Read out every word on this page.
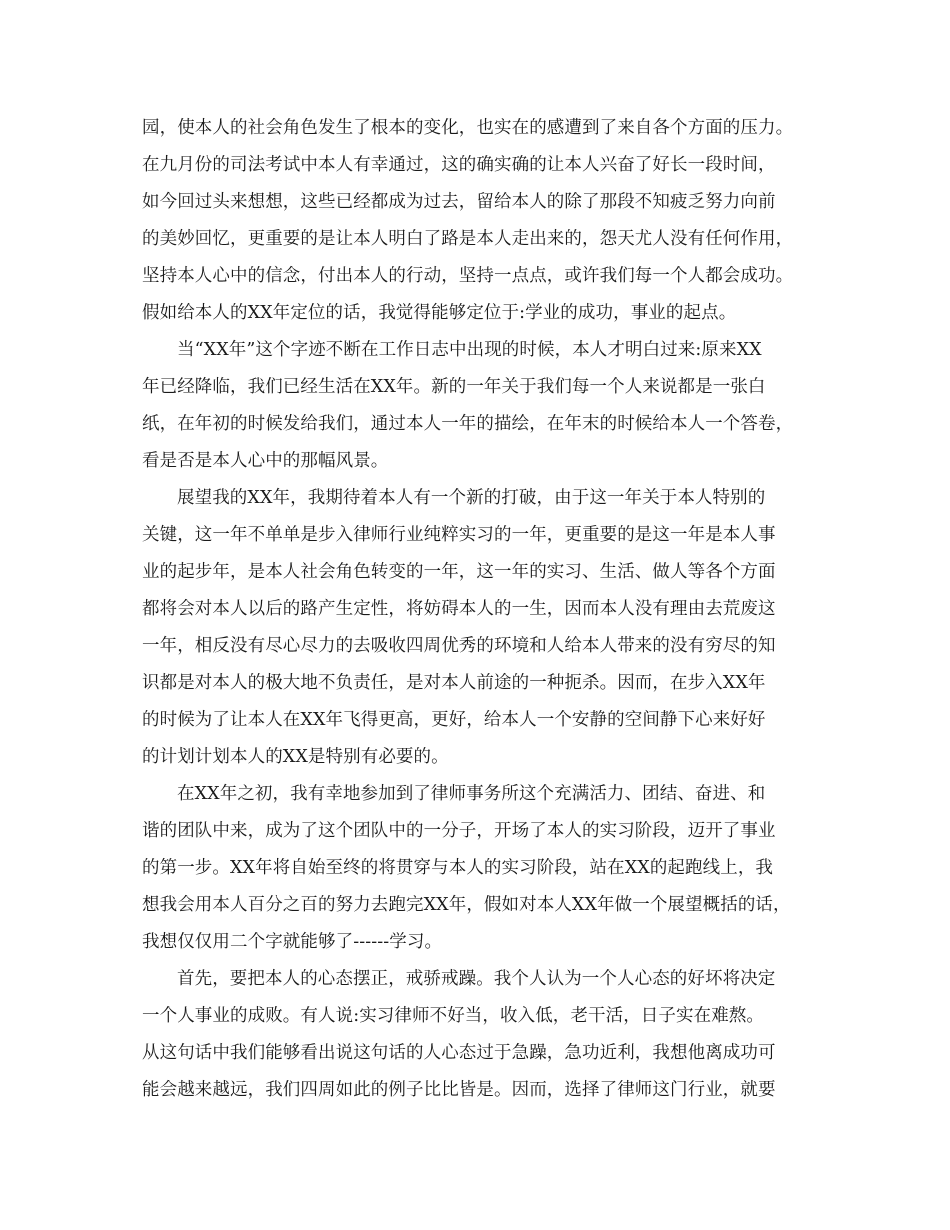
园，使本人的社会角色发生了根本的变化，也实在的感遭到了来自各个方面的压力。
在九月份的司法考试中本人有幸通过，这的确实确的让本人兴奋了好长一段时间，
如今回过头来想想，这些已经都成为过去，留给本人的除了那段不知疲乏努力向前
的美妙回忆，更重要的是让本人明白了路是本人走出来的，怨天尤人没有任何作用，
坚持本人心中的信念，付出本人的行动，坚持一点点，或许我们每一个人都会成功。
假如给本人的XX年定位的话，我觉得能够定位于:学业的成功，事业的起点。
当“XX年”这个字迹不断在工作日志中出现的时候，本人才明白过来:原来XX
年已经降临，我们已经生活在XX年。新的一年关于我们每一个人来说都是一张白
纸，在年初的时候发给我们，通过本人一年的描绘，在年末的时候给本人一个答卷，
看是否是本人心中的那幅风景。
展望我的XX年，我期待着本人有一个新的打破，由于这一年关于本人特别的
关键，这一年不单单是步入律师行业纯粹实习的一年，更重要的是这一年是本人事
业的起步年，是本人社会角色转变的一年，这一年的实习、生活、做人等各个方面
都将会对本人以后的路产生定性，将妨碍本人的一生，因而本人没有理由去荒废这
一年，相反没有尽心尽力的去吸收四周优秀的环境和人给本人带来的没有穷尽的知
识都是对本人的极大地不负责任，是对本人前途的一种扼杀。因而，在步入XX年
的时候为了让本人在XX年飞得更高，更好，给本人一个安静的空间静下心来好好
的计划计划本人的XX是特别有必要的。
在XX年之初，我有幸地参加到了律师事务所这个充满活力、团结、奋进、和
谐的团队中来，成为了这个团队中的一分子，开场了本人的实习阶段，迈开了事业
的第一步。XX年将自始至终的将贯穿与本人的实习阶段，站在XX的起跑线上，我
想我会用本人百分之百的努力去跑完XX年，假如对本人XX年做一个展望概括的话，
我想仅仅用二个字就能够了------学习。
首先，要把本人的心态摆正，戒骄戒躁。我个人认为一个人心态的好坏将决定
一个人事业的成败。有人说:实习律师不好当，收入低，老干活，日子实在难熬。
从这句话中我们能够看出说这句话的人心态过于急躁，急功近利，我想他离成功可
能会越来越远，我们四周如此的例子比比皆是。因而，选择了律师这门行业，就要
